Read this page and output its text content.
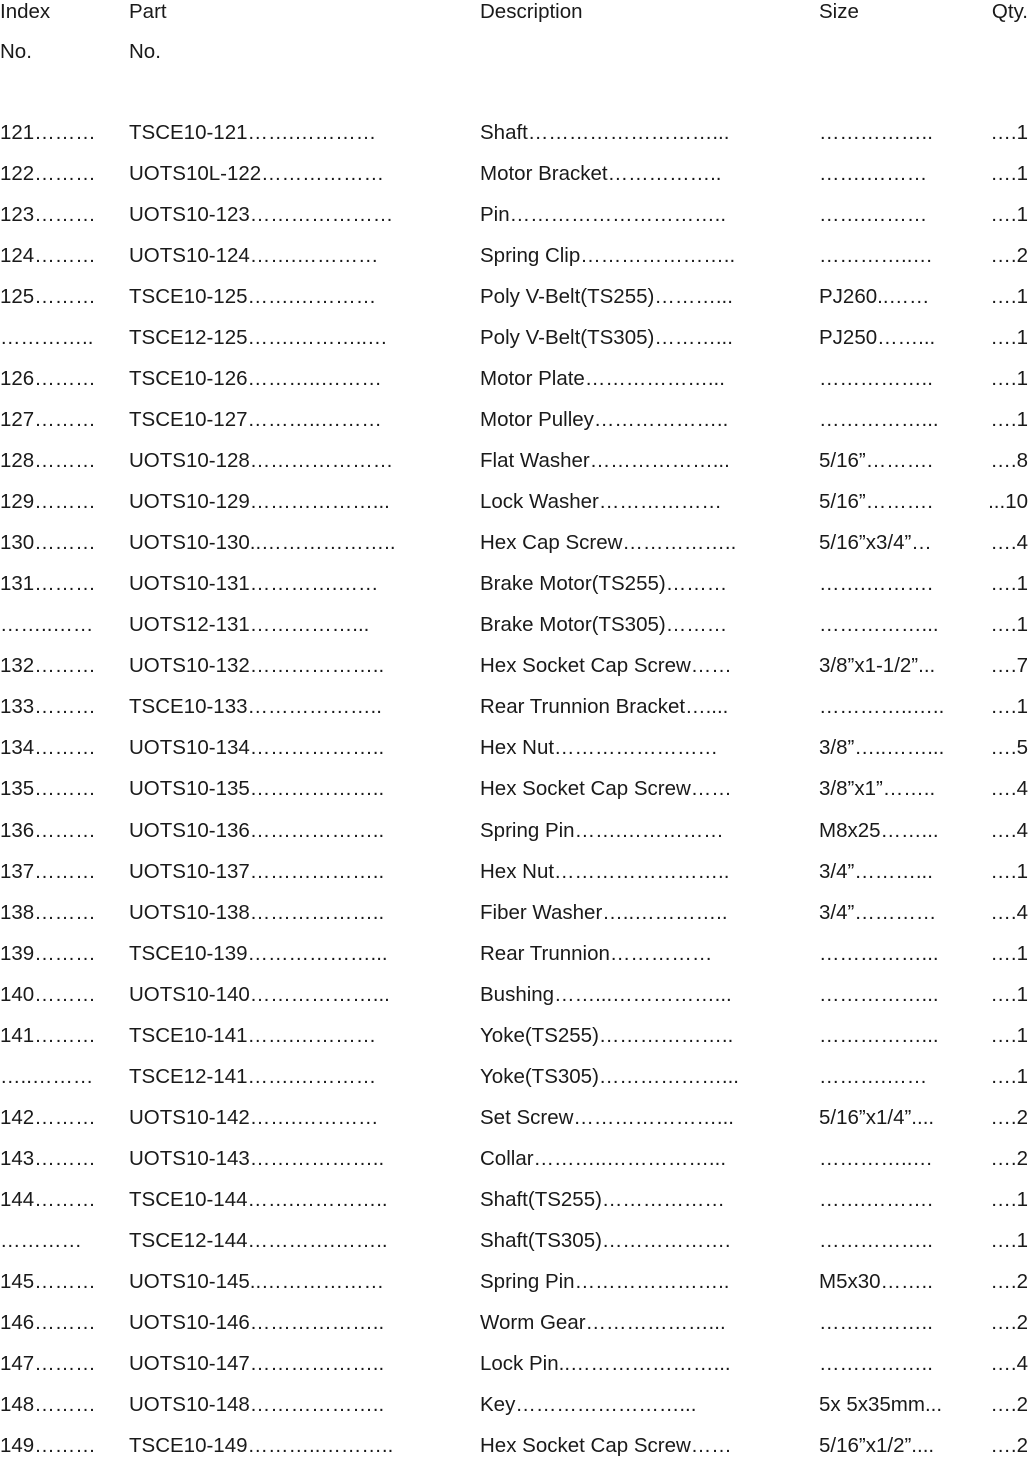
Index	Part	Description	Size	Qty.
No.	No.
121………	TSCE10-121…….…………	Shaft………………………...	……………..	….1
122………	UOTS10L-122………………	Motor Bracket……………..	…….………	….1
123………	UOTS10-123…………………	Pin…………………………..	…….………	….1
124………	UOTS10-124…….…………	Spring Clip…………………..	…………..…	….2
125………	TSCE10-125…….…………	Poly V-Belt(TS255)………...	PJ260..……	….1
…………..	TSCE12-125…….………..…	Poly V-Belt(TS305)………...	PJ250……...	….1
126………	TSCE10-126………..………	Motor Plate………………...	……………..	….1
127………	TSCE10-127………..………	Motor Pulley………………..	……………...	….1
128………	UOTS10-128…………………	Flat Washer………………...	5/16”……….	….8
129………	UOTS10-129………………...	Lock Washer………………	5/16”……….	...10
130………	UOTS10-130..………………..	Hex Cap Screw……………..	5/16”x3/4”…	….4
131………	UOTS10-131………….……	Brake Motor(TS255)………	…….……….	….1
……..……	UOTS12-131……………...	Brake Motor(TS305)………	……………...	….1
132………	UOTS10-132………………..	Hex Socket Cap Screw……	3/8”x1-1/2”...	….7
133………	TSCE10-133………………..	Rear Trunnion Bracket…....	…………..…..	….1
134………	UOTS10-134………………..	Hex Nut……………………	3/8”…..……...	….5
135………	UOTS10-135………………..	Hex Socket Cap Screw……	3/8”x1”……..	….4
136………	UOTS10-136………………..	Spring Pin…….……………	M8x25……...	….4
137………	UOTS10-137………………..	Hex Nut……………………..	3/4”………...	….1
138………	UOTS10-138………………..	Fiber Washer…..…………..	3/4”…………	….4
139………	TSCE10-139………………...	Rear Trunnion……………	……………...	….1
140………	UOTS10-140………………...	Bushing……...……………...	……………...	….1
141………	TSCE10-141…….…………	Yoke(TS255)………………..	……………...	….1
…..………	TSCE12-141…….…………	Yoke(TS305)………………...	……….……	….1
142………	UOTS10-142…….…………	Set Screw…………………...	5/16”x1/4”....	….2
143………	UOTS10-143………………..	Collar………..……………...	…………..…	….2
144………	TSCE10-144…….…………..	Shaft(TS255)………………	…….……….	….1
…………	TSCE12-144………….……..	Shaft(TS305)……………….	……………..	….1
145………	UOTS10-145..………………	Spring Pin…………………..	M5x30……..	….2
146………	UOTS10-146………………..	Worm Gear………………...	……………..	….2
147………	UOTS10-147………………..	Lock Pin..…………………...	……………..	….4
148………	UOTS10-148………………..	Key……………………...	5x 5x35mm...	….2
149………	TSCE10-149………..………..	Hex Socket Cap Screw……	5/16”x1/2”....	….2
